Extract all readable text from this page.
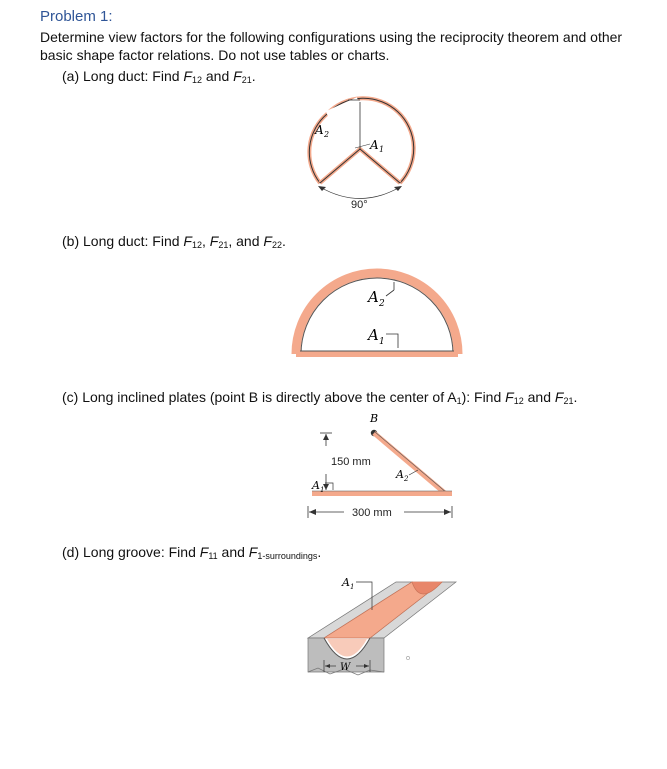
Problem 1:
Determine view factors for the following configurations using the reciprocity theorem and other basic shape factor relations. Do not use tables or charts.
(a) Long duct: Find $F_{12}$ and $F_{21}$.
A 2
A 1
90°
(b) Long duct: Find $F_{12}$, $F_{21}$, and $F_{22}$.
A 2
A 1
(c) Long inclined plates (point B is directly above the center of $A_1$): Find $F_{12}$ and $F_{21}$.
B
150 mm
A 1
A 2
300 mm
(d) Long groove: Find $F_{11}$ and $F_{1-surroundings}$.
A 1
W
